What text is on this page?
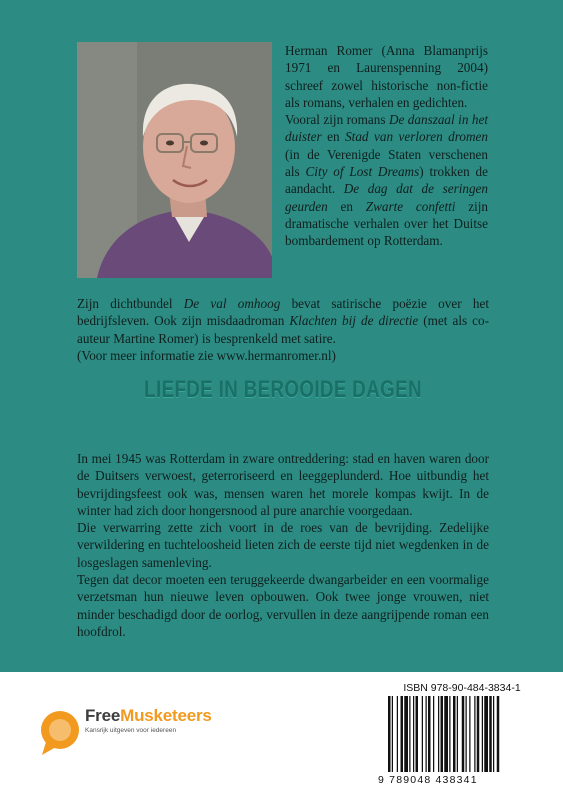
Herman Romer (Anna Blamanprijs 1971 en Laurenspenning 2004) schreef zowel historische non-fictie als romans, verhalen en gedichten.

Vooral zijn romans De danszaal in het duister en Stad van verloren dromen (in de Verenigde Staten verschenen als City of Lost Dreams) trokken de aandacht. De dag dat de seringen geurden en Zwarte confetti zijn dramatische verhalen over het Duitse bombardement op Rotterdam.

Zijn dichtbundel De val omhoog bevat satirische poëzie over het bedrijfsleven. Ook zijn misdaadroman Klachten bij de directie (met als co-auteur Martine Romer) is besprenkeld met satire.

(Voor meer informatie zie www.hermanromer.nl)

LIEFDE IN BEROOIDE DAGEN

In mei 1945 was Rotterdam in zware ontreddering: stad en haven waren door de Duitsers verwoest, geterroriseerd en leeggeplunderd. Hoe uitbundig het bevrijdingsfeest ook was, mensen waren het morele kompas kwijt. In de winter had zich door hongersnood al pure anarchie voorgedaan.

Die verwarring zette zich voort in de roes van de bevrijding. Zedelijke verwildering en tuchteloosheid lieten zich de eerste tijd niet wegdenken in de losgeslagen samenleving.

Tegen dat decor moeten een teruggekeerde dwangarbeider en een voormalige verzetsman hun nieuwe leven opbouwen. Ook twee jonge vrouwen, niet minder beschadigd door de oorlog, vervullen in deze aangrijpende roman een hoofdrol.

FreeMusketeers
Kansrijk uitgeven voor iedereen
ISBN 978-90-484-3834-1
9 789048 438341
